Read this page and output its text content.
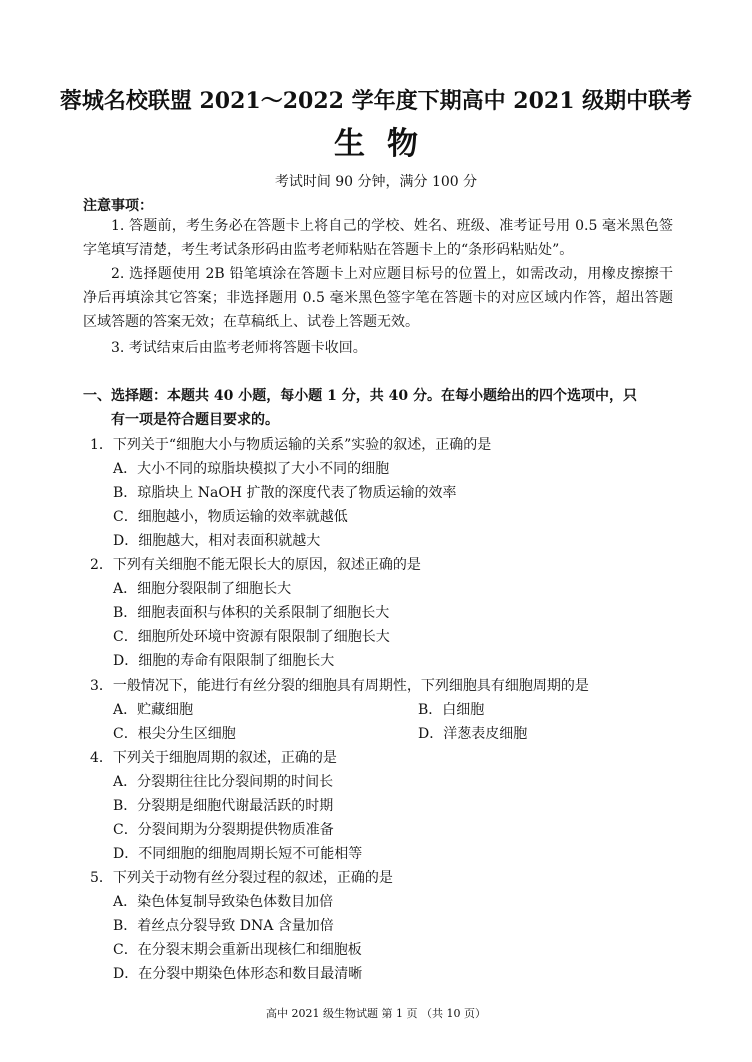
蓉城名校联盟 2021～2022 学年度下期高中 2021 级期中联考
生物
考试时间 90 分钟，满分 100 分
注意事项：
1. 答题前，考生务必在答题卡上将自己的学校、姓名、班级、准考证号用 0.5 毫米黑色签字笔填写清楚，考生考试条形码由监考老师粘贴在答题卡上的“条形码粘贴处”。
2. 选择题使用 2B 铅笔填涂在答题卡上对应题目标号的位置上，如需改动，用橡皮擦擦干净后再填涂其它答案；非选择题用 0.5 毫米黑色签字笔在答题卡的对应区域内作答，超出答题区域答题的答案无效；在草稿纸上、试卷上答题无效。
3. 考试结束后由监考老师将答题卡收回。
一、选择题：本题共 40 小题，每小题 1 分，共 40 分。在每小题给出的四个选项中，只
有一项是符合题目要求的。
1．下列关于“细胞大小与物质运输的关系”实验的叙述，正确的是
A．大小不同的琼脂块模拟了大小不同的细胞
B．琼脂块上 NaOH 扩散的深度代表了物质运输的效率
C．细胞越小，物质运输的效率就越低
D．细胞越大，相对表面积就越大
2．下列有关细胞不能无限长大的原因，叙述正确的是
A．细胞分裂限制了细胞长大
B．细胞表面积与体积的关系限制了细胞长大
C．细胞所处环境中资源有限限制了细胞长大
D．细胞的寿命有限限制了细胞长大
3．一般情况下，能进行有丝分裂的细胞具有周期性，下列细胞具有细胞周期的是
A．贮藏细胞	B．白细胞
C．根尖分生区细胞	D．洋葱表皮细胞
4．下列关于细胞周期的叙述，正确的是
A．分裂期往往比分裂间期的时间长
B．分裂期是细胞代谢最活跃的时期
C．分裂间期为分裂期提供物质准备
D．不同细胞的细胞周期长短不可能相等
5．下列关于动物有丝分裂过程的叙述，正确的是
A．染色体复制导致染色体数目加倍
B．着丝点分裂导致 DNA 含量加倍
C．在分裂末期会重新出现核仁和细胞板
D．在分裂中期染色体形态和数目最清晰
高中 2021 级生物试题 第 1 页 （共 10 页）
